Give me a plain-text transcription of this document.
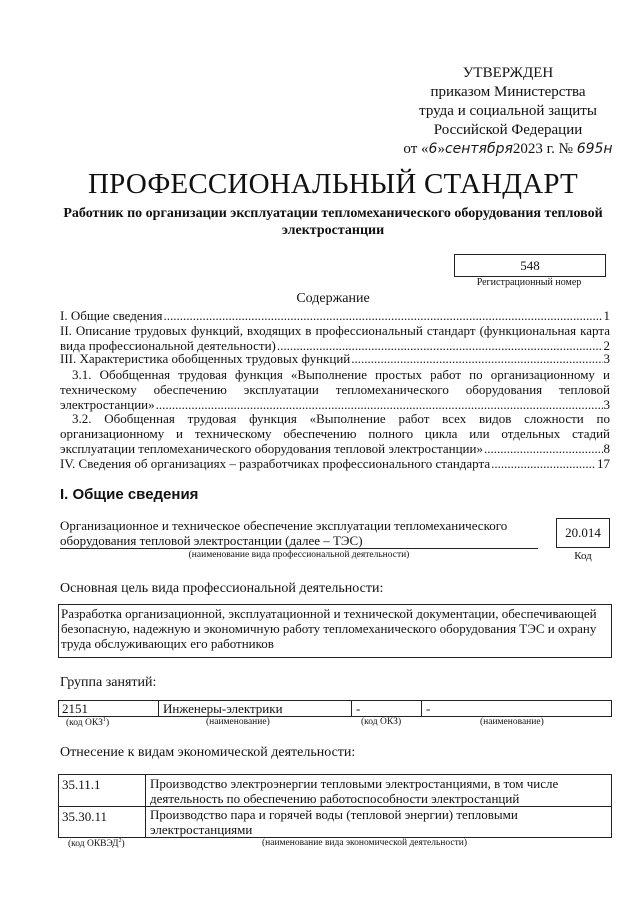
УТВЕРЖДЕН
приказом Министерства
труда и социальной защиты
Российской Федерации
от «6»сентября2023 г. № 695н
ПРОФЕССИОНАЛЬНЫЙ СТАНДАРТ
Работник по организации эксплуатации тепломеханического оборудования тепловой электростанции
548
Регистрационный номер
Содержание
I. Общие сведения .....	1
II. Описание трудовых функций, входящих в профессиональный стандарт (функциональная карта
вида профессиональной деятельности) .....	2
III. Характеристика обобщенных трудовых функций .....	3
3.1. Обобщенная трудовая функция «Выполнение простых работ по организационному и
техническому обеспечению эксплуатации тепломеханического оборудования тепловой
электростанции» .....	3
3.2. Обобщенная трудовая функция «Выполнение работ всех видов сложности по
организационному и техническому обеспечению полного цикла или отдельных стадий
эксплуатации тепломеханического оборудования тепловой электростанции» .....	8
IV. Сведения об организациях – разработчиках профессионального стандарта .....	17
I. Общие сведения
Организационное и техническое обеспечение эксплуатации тепломеханического
оборудования тепловой электростанции (далее – ТЭС)
(наименование вида профессиональной деятельности)
20.014
Код
Основная цель вида профессиональной деятельности:
Разработка организационной, эксплуатационной и технической документации, обеспечивающей
безопасную, надежную и экономичную работу тепломеханического оборудования ТЭС и охрану
труда обслуживающих его работников
Группа занятий:
2151	Инженеры-электрики	-	-
(код ОКЗ$^1$)	(наименование)	(код ОКЗ)	(наименование)
Отнесение к видам экономической деятельности:
35.11.1	Производство электроэнергии тепловыми электростанциями, в том числе
деятельность по обеспечению работоспособности электростанций
35.30.11	Производство пара и горячей воды (тепловой энергии) тепловыми
электростанциями
(код ОКВЭД$^2$)	(наименование вида экономической деятельности)
